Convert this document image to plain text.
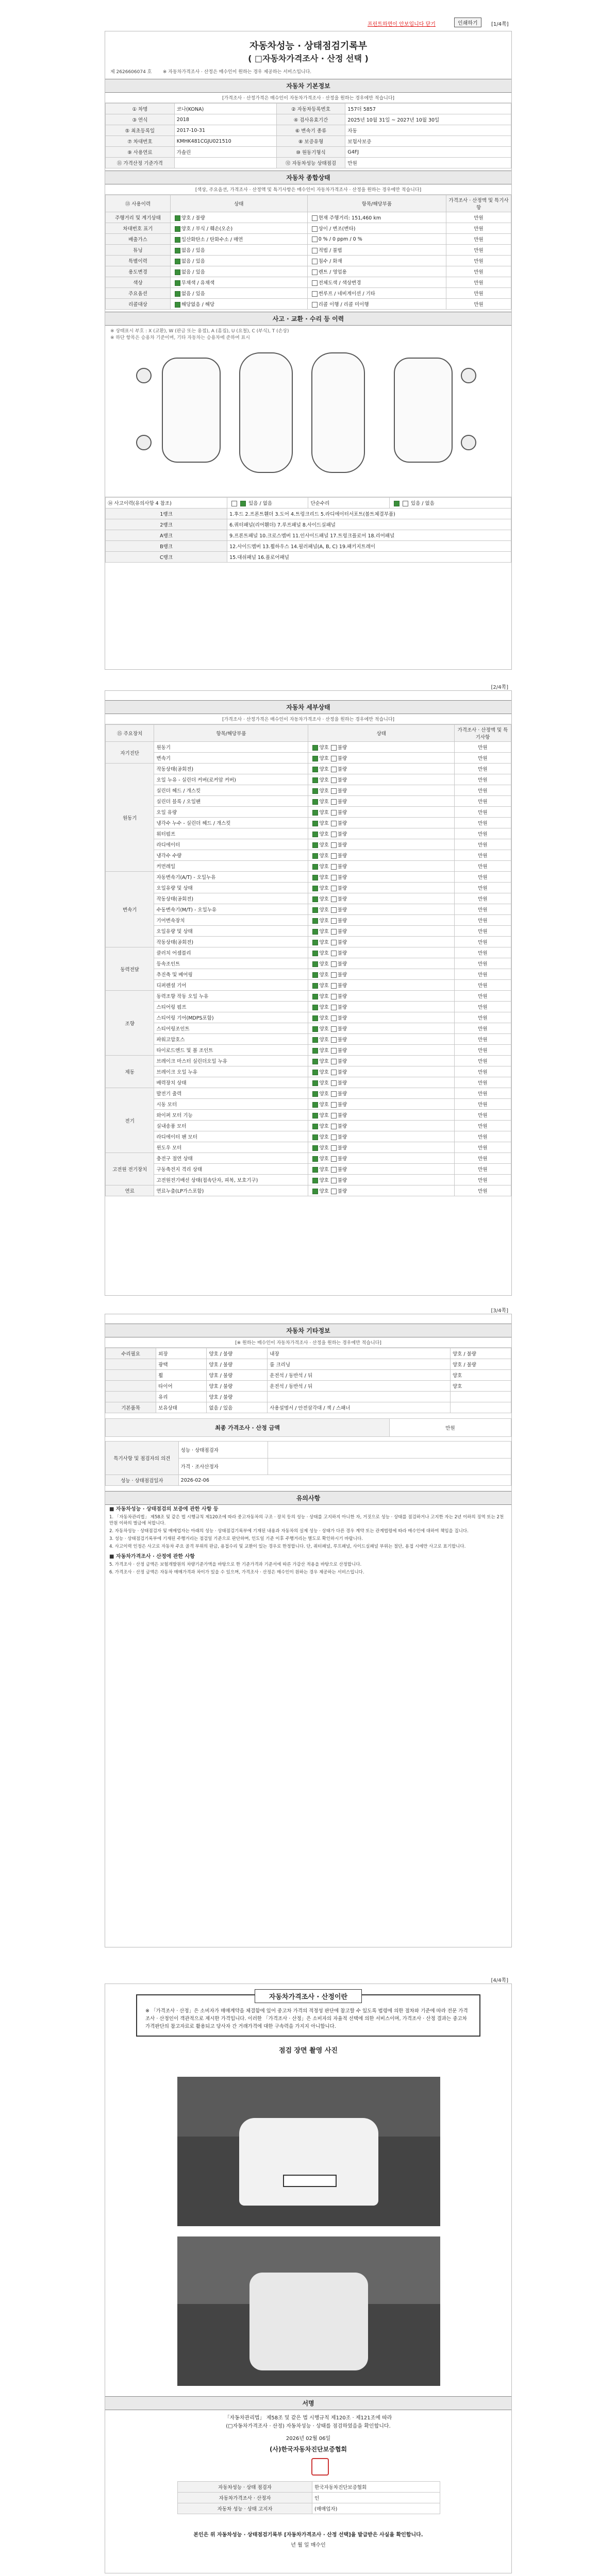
프린트하면이 안보입니다 닫기	인쇄하기	[1/4쪽]
자동차성능 · 상태점검기록부
( □자동차가격조사 · 산정 선택 )
제 2626606074 호 ※ 자동차가격조사 · 산정은 매수인이 원하는 경우 제공하는 서비스입니다.
자동차 기본정보
[가격조사 · 산정가격은 매수인이 자동차가격조사 · 산정을 원하는 경우에만 적습니다]
① 차명	코나(KONA)	② 자동차등록번호	157더 5857
③ 연식	2018	④ 검사유효기간	2025년 10월 31일 ~ 2027년 10월 30일
⑤ 최초등록일	2017-10-31	⑥ 변속기 종류	자동
⑦ 차대번호	KMHK481CGJU021510	⑧ 보증유형	보험사보증
⑨ 사용연료	가솔린	⑩ 원동기형식	G4FJ
⑪ 가격산정 기준가격		⑫ 자동차성능 상태점검	만원
자동차 종합상태
[색상, 주요옵션, 가격조사 · 산정액 및 특기사항은 매수인이 자동차가격조사 · 산정을 원하는 경우에만 적습니다]
⑬ 사용이력	상태	항목/해당부품	가격조사 · 산정액 및 특기사항
주행거리 및 계기상태	양호 / 불량	현재 주행거리: 151,460 km	만원
차대번호 표기	양호 / 부식 / 훼손(오손)	상이 / 변조(변타)	만원
배출가스	일산화탄소 / 탄화수소 / 매연	0 % / 0 ppm / 0 %	만원
튜닝	없음 / 있음	적법 / 불법	만원
특별이력	없음 / 있음	침수 / 화재	만원
용도변경	없음 / 있음	렌트 / 영업용	만원
색상	무채색 / 유채색	전체도색 / 색상변경	만원
주요옵션	없음 / 있음	썬루프 / 네비게이션 / 기타	만원
리콜대상	해당없음 / 해당	리콜 이행 / 리콜 미이행	만원
사고 · 교환 · 수리 등 이력
※ 상태표시 부호 : X (교환), W (판금 또는 용접), A (흠집), U (요철), C (부식), T (손상)
※ 하단 항목은 승용차 기준이며, 기타 자동차는 승용차에 준하여 표시
⑭ 사고이력(유의사항 4 참조)	있음 / 없음	단순수리	있음 / 없음
1랭크	1.후드 2.프론트휀더 3.도어 4.트렁크리드 5.라디에이터서포트(볼트체결부품)		
2랭크	6.쿼터패널(리어휀더) 7.루프패널 8.사이드실패널		
A랭크	9.프론트패널 10.크로스멤버 11.인사이드패널 17.트렁크플로어 18.리어패널		
B랭크	12.사이드멤버 13.휠하우스 14.필러패널(A, B, C) 19.패키지트레이		
C랭크	15.대쉬패널 16.플로어패널		
[2/4쪽]
자동차 세부상태
[가격조사 · 산정가격은 매수인이 자동차가격조사 · 산정을 원하는 경우에만 적습니다]
⑮ 주요장치	항목/해당부품	상태	가격조사 · 산정액 및 특기사항
자기진단	원동기	양호 불량	만원
	변속기	양호 불량	만원
원동기	작동상태(공회전)	양호 불량	만원
	오일 누유 - 실린더 커버(로커암 커버)	양호 불량	만원
	실린더 헤드 / 개스킷	양호 불량	만원
	실린더 블록 / 오일팬	양호 불량	만원
	오일 유량	양호 불량	만원
	냉각수 누수 - 실린더 헤드 / 개스킷	양호 불량	만원
	워터펌프	양호 불량	만원
	라디에이터	양호 불량	만원
	냉각수 수량	양호 불량	만원
	커먼레일	양호 불량	만원
변속기	자동변속기(A/T) - 오일누유	양호 불량	만원
	오일유량 및 상태	양호 불량	만원
	작동상태(공회전)	양호 불량	만원
	수동변속기(M/T) - 오일누유	양호 불량	만원
	기어변속장치	양호 불량	만원
	오일유량 및 상태	양호 불량	만원
	작동상태(공회전)	양호 불량	만원
동력전달	클러치 어셈블리	양호 불량	만원
	등속조인트	양호 불량	만원
	추진축 및 베어링	양호 불량	만원
	디퍼렌셜 기어	양호 불량	만원
조향	동력조향 작동 오일 누유	양호 불량	만원
	스티어링 펌프	양호 불량	만원
	스티어링 기어(MDPS포함)	양호 불량	만원
	스티어링조인트	양호 불량	만원
	파워고압호스	양호 불량	만원
	타이로드엔드 및 볼 조인트	양호 불량	만원
제동	브레이크 마스터 실린더오일 누유	양호 불량	만원
	브레이크 오일 누유	양호 불량	만원
	배력장치 상태	양호 불량	만원
전기	발전기 출력	양호 불량	만원
	시동 모터	양호 불량	만원
	와이퍼 모터 기능	양호 불량	만원
	실내송풍 모터	양호 불량	만원
	라디에이터 팬 모터	양호 불량	만원
	윈도우 모터	양호 불량	만원
고전원 전기장치	충전구 절연 상태	양호 불량	만원
	구동축전지 격리 상태	양호 불량	만원
	고전원전기배선 상태(접속단자, 피복, 보호기구)	양호 불량	만원
연료	연료누출(LP가스포함)	양호 불량	만원
[3/4쪽]
자동차 기타정보
[※ 원하는 매수인이 자동차가격조사 · 산정을 원하는 경우에만 적습니다]
수리필요	외장	양호 / 불량	내장	양호 / 불량
	광택	양호 / 불량	룸 크리닝	양호 / 불량
	휠	양호 / 불량	운전석 / 동반석 / 뒤	양호
	타이어	양호 / 불량	운전석 / 동반석 / 뒤	양호
	유리	양호 / 불량		
기본품목	보유상태	없음 / 있음	사용설명서 / 안전삼각대 / 잭 / 스패너	
최종 가격조사 · 산정 금액	만원
특기사항 및 점검자의 의견	성능 · 상태점검자	
	가격 · 조사산정자	
성능 · 상태점검일자	2026-02-06	
유의사항

■ 자동차성능 · 상태점검의 보증에 관한 사항 등

1. 「자동차관리법」 제58조 및 같은 법 시행규칙 제120조에 따라 중고자동차의 구조 · 장치 등의 성능 · 상태를 고지하지 아니한 자, 거짓으로 성능 · 상태를 점검하거나 고지한 자는 2년 이하의 징역 또는 2천만원 이하의 벌금에 처합니다.

2. 자동차성능 · 상태점검자 및 매매업자는 아래의 성능 · 상태점검기록부에 기재된 내용과 자동차의 실제 성능 · 상태가 다른 경우 계약 또는 관계법령에 따라 매수인에 대하여 책임을 집니다.

3. 성능 · 상태점검기록부에 기재된 주행거리는 점검일 기준으로 판단하며, 인도일 기준 이후 주행거리는 별도로 확인하시기 바랍니다.

4. 사고이력 인정은 사고로 자동차 주요 골격 부위의 판금, 용접수리 및 교환이 있는 경우로 한정합니다. 단, 쿼터패널, 루프패널, 사이드실패널 부위는 절단, 용접 시에만 사고로 표기합니다.

■ 자동차가격조사 · 산정에 관한 사항

5. 가격조사 · 산정 금액은 보험개발원의 차량기준가액을 바탕으로 한 기준가격과 기준서에 따른 가감산 적용을 바탕으로 산정합니다.

6. 가격조사 · 산정 금액은 자동차 매매가격과 차이가 있을 수 있으며, 가격조사 · 산정은 매수인이 원하는 경우 제공하는 서비스입니다.

[4/4쪽]
자동차가격조사 · 산정이란
※ 「가격조사 · 산정」은 소비자가 매매계약을 체결함에 있어 중고차 가격의 적정성 판단에 참고할 수 있도록 법령에 의한 절차와 기준에 따라 전문 가격조사 · 산정인이 객관적으로 제시한 가격입니다. 이러한 「가격조사 · 산정」은 소비자의 자율적 선택에 의한 서비스이며, 가격조사 · 산정 결과는 중고차 가격판단의 참고자료로 활용되고 당사자 간 거래가격에 대한 구속력을 가지지 아니합니다.
점검 장면 촬영 사진
서명
「자동차관리법」 제58조 및 같은 법 시행규칙 제120조 · 제121조에 따라
(□자동차가격조사 · 산정) 자동차성능 · 상태를 점검하였음을 확인합니다.
2026년 02월 06일
(사)한국자동차진단보증협회
자동차성능 · 상태 점검자	한국자동차진단보증협회
자동차가격조사 · 산정자	인
자동차 성능 · 상태 고지자	(매매업자)
본인은 위 자동차성능 · 상태점검기록부 [자동차가격조사 · 산정 선택]을 발급받은 사실을 확인합니다.
년 월 일 매수인
